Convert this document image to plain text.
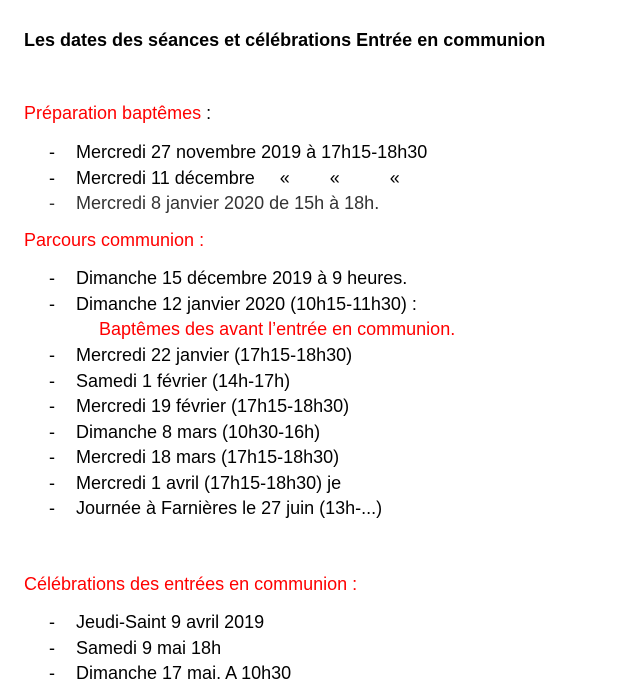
Les dates des séances et célébrations Entrée en communion
Préparation baptêmes :
- Mercredi 27 novembre 2019 à 17h15-18h30
- Mercredi 11 décembre     «        «          «
- Mercredi 8 janvier 2020 de 15h à 18h.
Parcours communion :
- Dimanche 15 décembre 2019 à 9 heures.
- Dimanche 12 janvier 2020 (10h15-11h30) :
Baptêmes des avant l’entrée en communion.
- Mercredi 22 janvier (17h15-18h30)
- Samedi 1 février (14h-17h)
- Mercredi 19 février (17h15-18h30)
- Dimanche 8 mars (10h30-16h)
- Mercredi 18 mars (17h15-18h30)
- Mercredi 1 avril (17h15-18h30) je
- Journée à Farnières le 27 juin (13h-...)
Célébrations des entrées en communion :
- Jeudi-Saint 9 avril 2019
- Samedi 9 mai 18h
- Dimanche 17 mai. A 10h30
